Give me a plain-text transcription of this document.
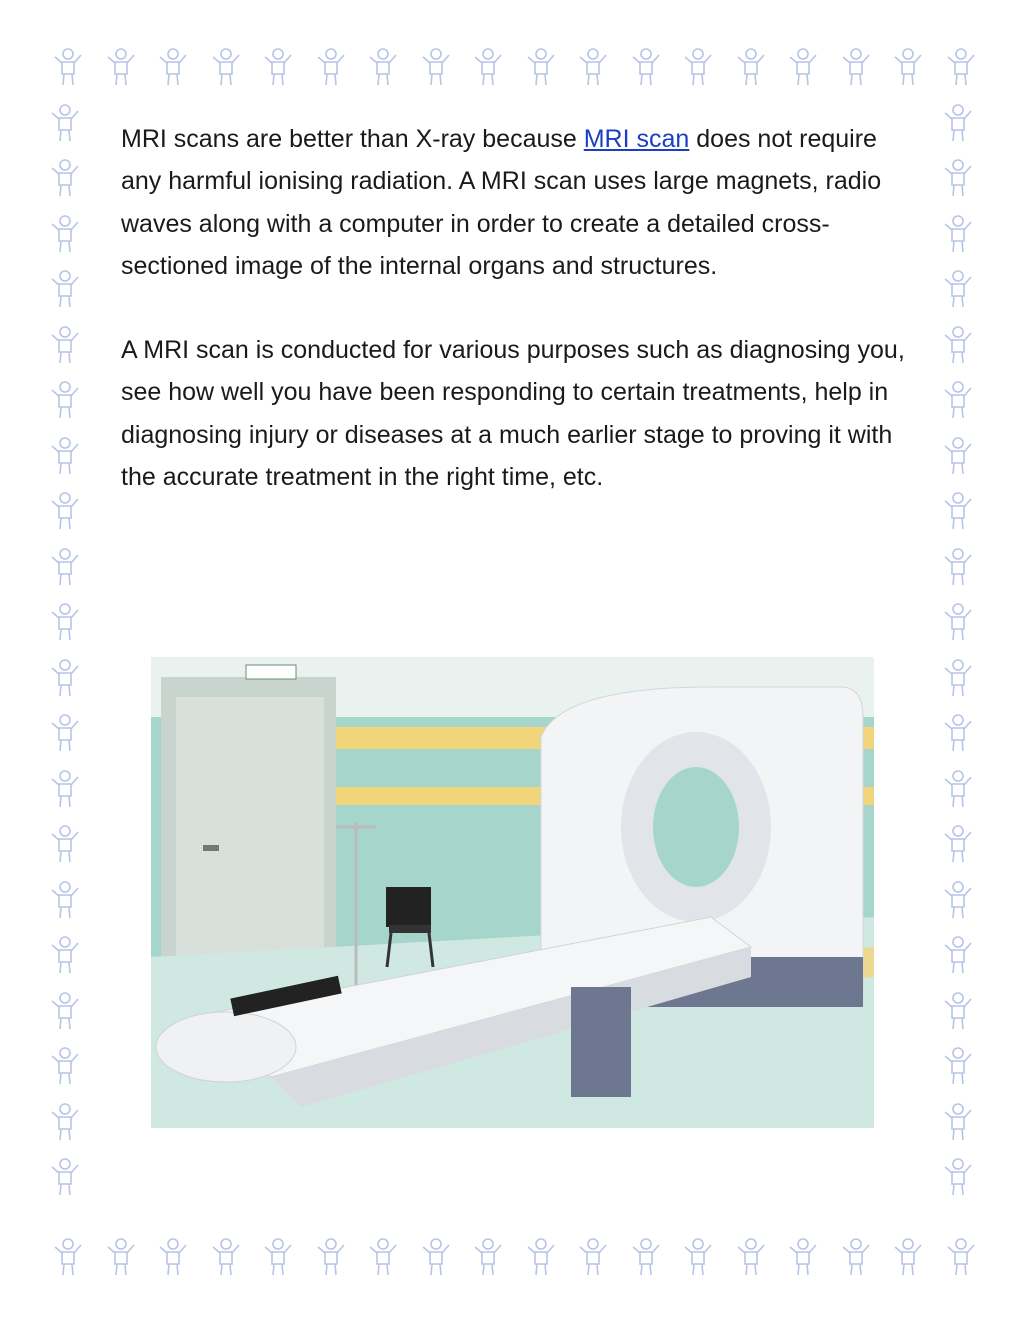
MRI scans are better than X-ray because MRI scan does not require any harmful ionising radiation. A MRI scan uses large magnets, radio waves along with a computer in order to create a detailed cross-sectioned image of the internal organs and structures.

A MRI scan is conducted for various purposes such as diagnosing you, see how well you have been responding to certain treatments, help in diagnosing injury or diseases at a much earlier stage to proving it with the accurate treatment in the right time, etc.
